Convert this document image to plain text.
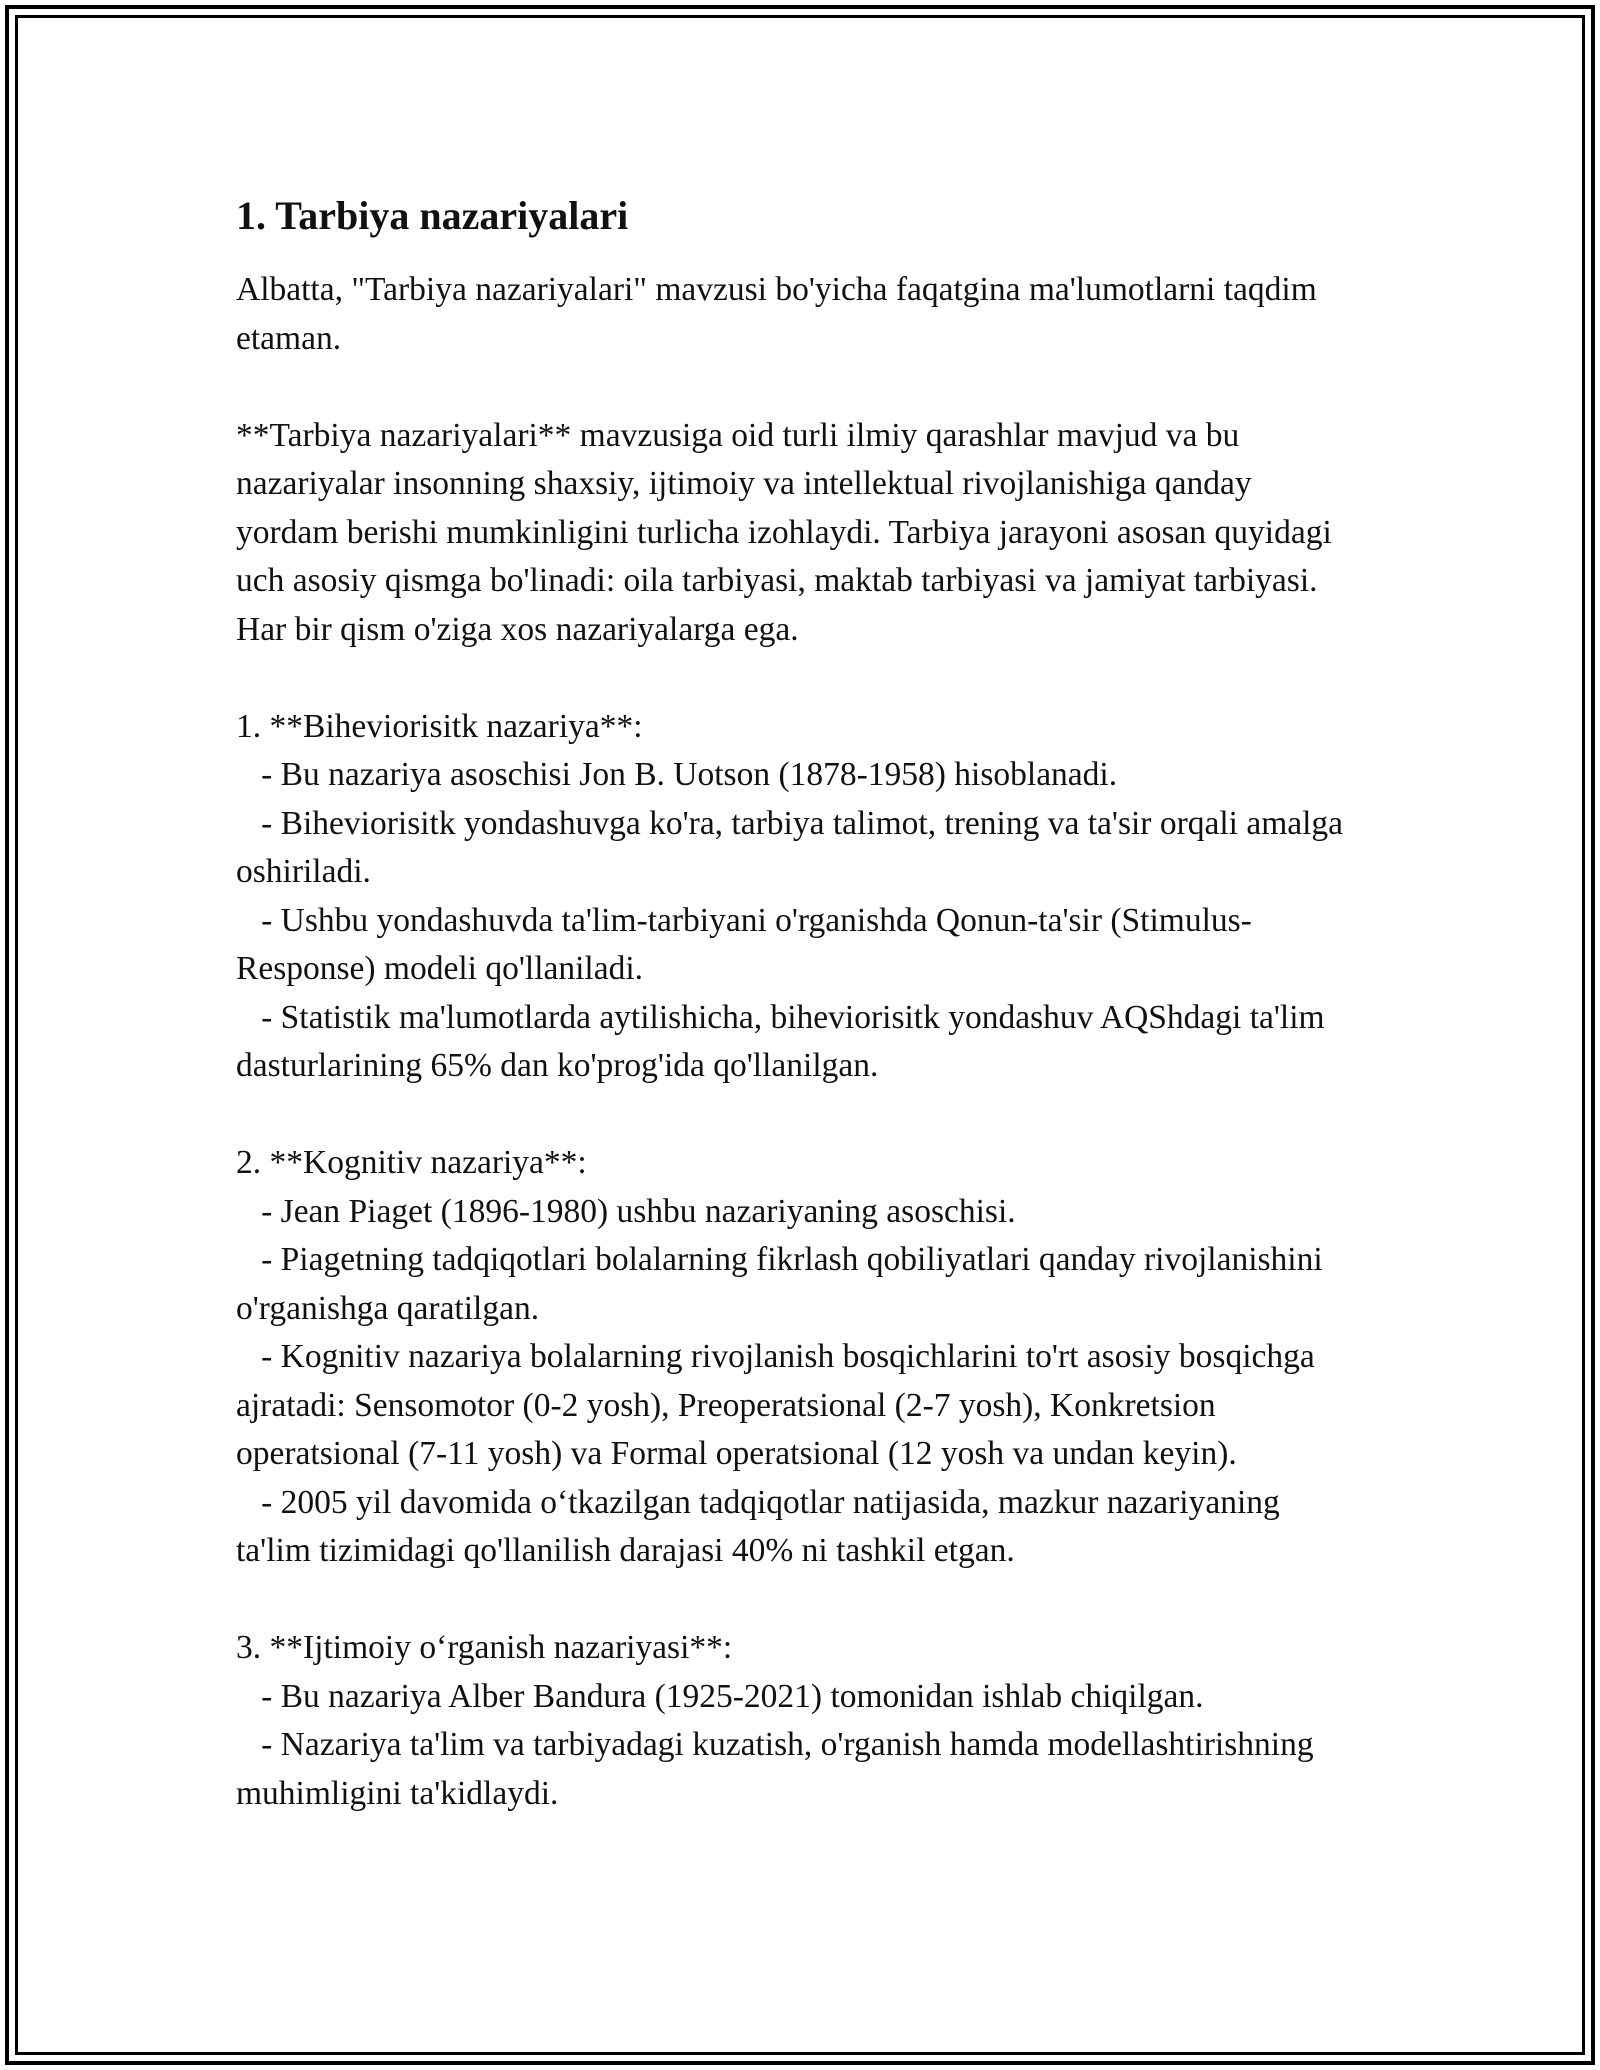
1. Tarbiya nazariyalari

Albatta, "Tarbiya nazariyalari" mavzusi bo'yicha faqatgina ma'lumotlarni taqdim etaman.

**Tarbiya nazariyalari** mavzusiga oid turli ilmiy qarashlar mavjud va bu nazariyalar insonning shaxsiy, ijtimoiy va intellektual rivojlanishiga qanday yordam berishi mumkinligini turlicha izohlaydi. Tarbiya jarayoni asosan quyidagi uch asosiy qismga bo'linadi: oila tarbiyasi, maktab tarbiyasi va jamiyat tarbiyasi. Har bir qism o'ziga xos nazariyalarga ega.

1. **Biheviorisitk nazariya**:

- Bu nazariya asoschisi Jon B. Uotson (1878-1958) hisoblanadi.

- Biheviorisitk yondashuvga ko'ra, tarbiya talimot, trening va ta'sir orqali amalga oshiriladi.

- Ushbu yondashuvda ta'lim-tarbiyani o'rganishda Qonun-ta'sir (Stimulus-Response) modeli qo'llaniladi.

- Statistik ma'lumotlarda aytilishicha, biheviorisitk yondashuv AQShdagi ta'lim dasturlarining 65% dan ko'prog'ida qo'llanilgan.

2. **Kognitiv nazariya**:

- Jean Piaget (1896-1980) ushbu nazariyaning asoschisi.

- Piagetning tadqiqotlari bolalarning fikrlash qobiliyatlari qanday rivojlanishini o'rganishga qaratilgan.

- Kognitiv nazariya bolalarning rivojlanish bosqichlarini to'rt asosiy bosqichga ajratadi: Sensomotor (0-2 yosh), Preoperatsional (2-7 yosh), Konkretsion operatsional (7-11 yosh) va Formal operatsional (12 yosh va undan keyin).

- 2005 yil davomida oʻtkazilgan tadqiqotlar natijasida, mazkur nazariyaning ta'lim tizimidagi qo'llanilish darajasi 40% ni tashkil etgan.

3. **Ijtimoiy oʻrganish nazariyasi**:

- Bu nazariya Alber Bandura (1925-2021) tomonidan ishlab chiqilgan.

- Nazariya ta'lim va tarbiyadagi kuzatish, o'rganish hamda modellashtirishning muhimligini ta'kidlaydi.
